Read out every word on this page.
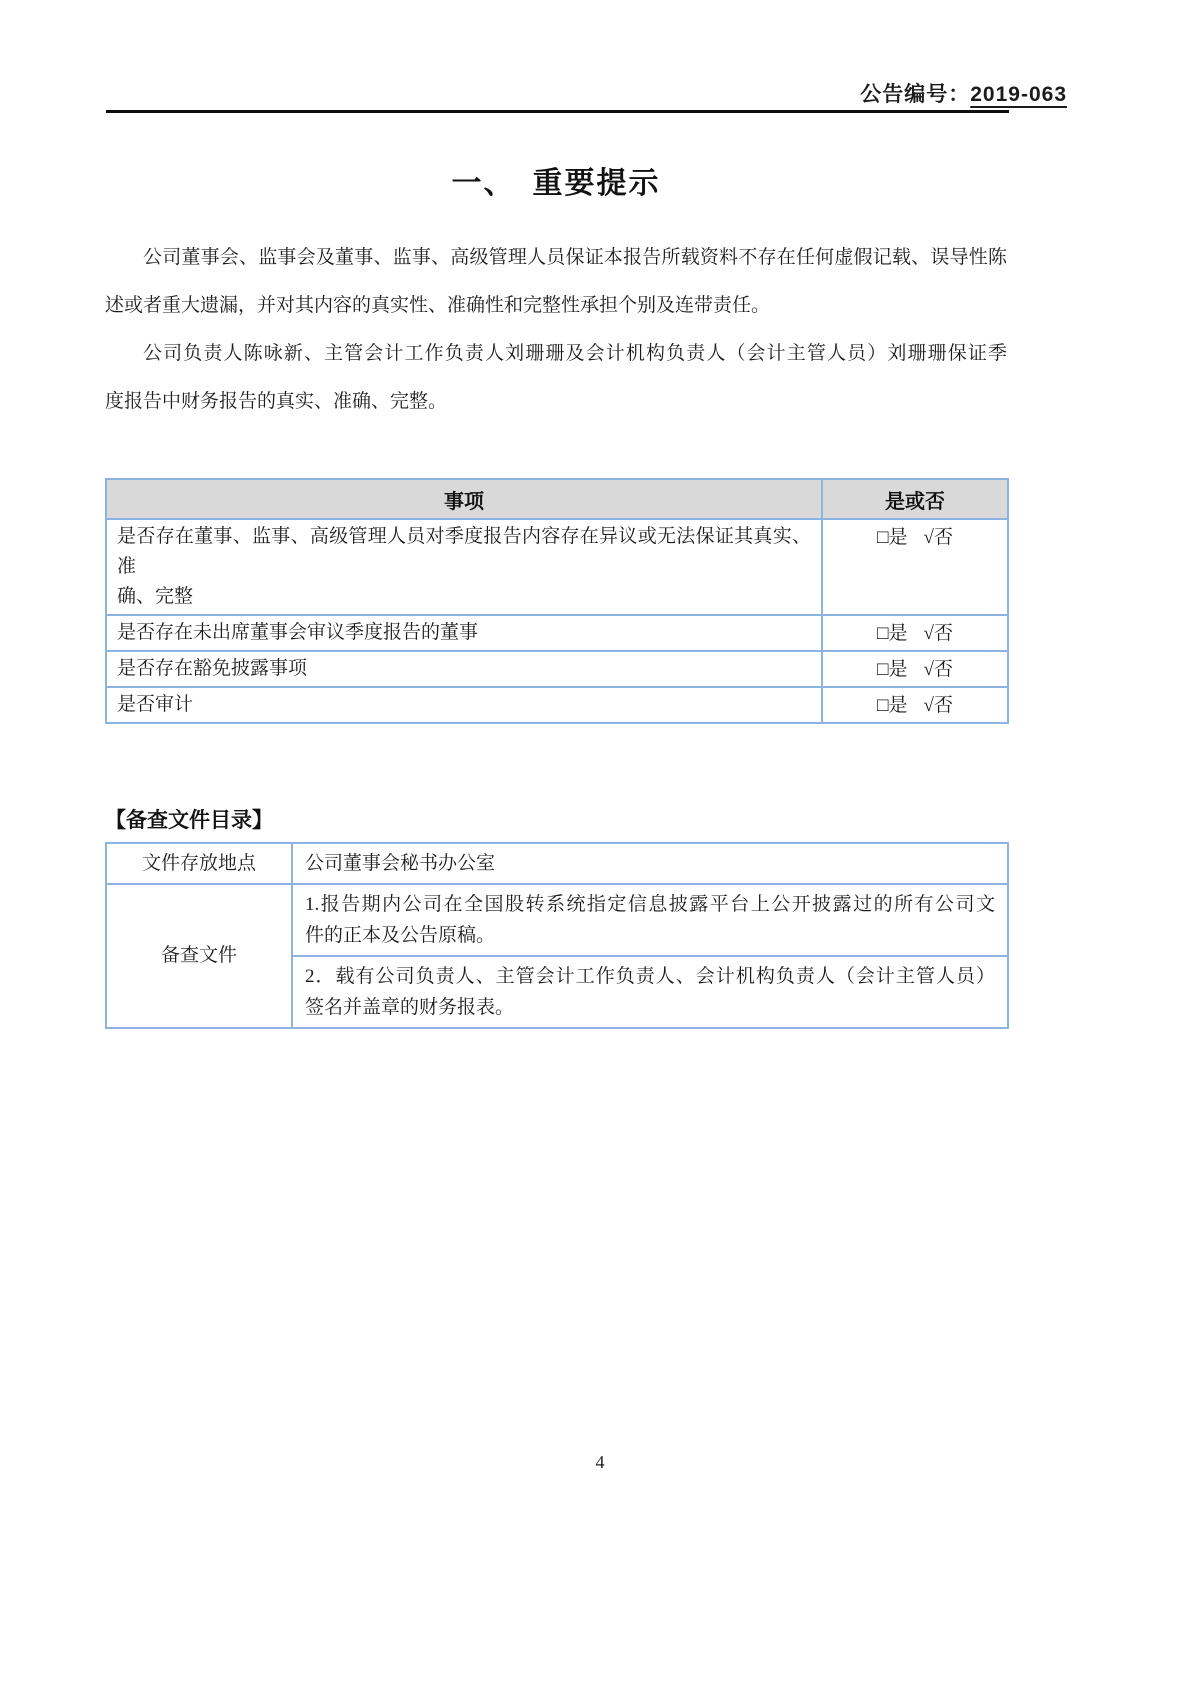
公告编号：2019-063
一、　重要提示
公司董事会、监事会及董事、监事、高级管理人员保证本报告所载资料不存在任何虚假记载、误导性陈
述或者重大遗漏，并对其内容的真实性、准确性和完整性承担个别及连带责任。
公司负责人陈咏新、主管会计工作负责人刘珊珊及会计机构负责人（会计主管人员）刘珊珊保证季
度报告中财务报告的真实、准确、完整。
事项	是或否

是否存在董事、监事、高级管理人员对季度报告内容存在异议或无法保证其真实、准
确、完整	□是 √否

是否存在未出席董事会审议季度报告的董事	□是 √否

是否存在豁免披露事项	□是 √否

是否审计	□是 √否
【备查文件目录】
文件存放地点	公司董事会秘书办公室
备查文件	1.报告期内公司在全国股转系统指定信息披露平台上公开披露过的所有公司文
件的正本及公告原稿。

	2．载有公司负责人、主管会计工作负责人、会计机构负责人（会计主管人员）
签名并盖章的财务报表。
4
